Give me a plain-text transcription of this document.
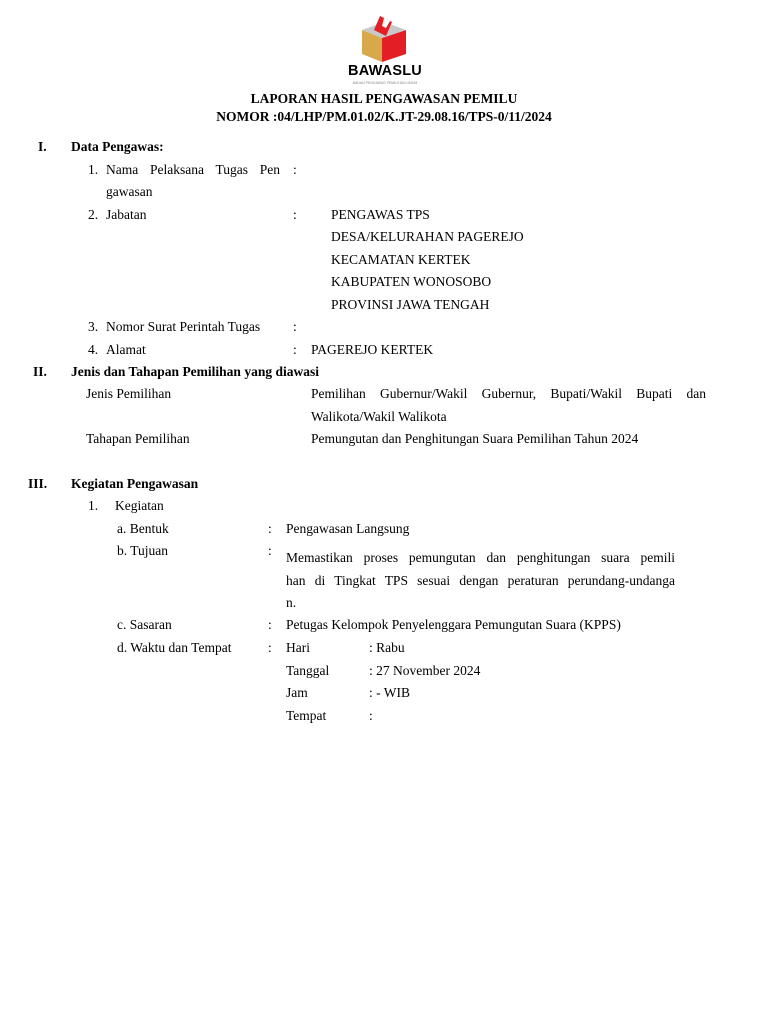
BAWASLU
BADAN PENGAWAS PEMILIHAN UMUM
LAPORAN HASIL PENGAWASAN PEMILU
NOMOR :04/LHP/PM.01.02/K.JT-29.08.16/TPS-0/11/2024
I. Data Pengawas:
1. Nama Pelaksana Tugas Pen
gawasan
:
2. Jabatan	:	PENGAWAS TPS
DESA/KELURAHAN PAGEREJO
KECAMATAN KERTEK
KABUPATEN WONOSOBO
PROVINSI JAWA TENGAH
3. Nomor Surat Perintah Tugas :
4. Alamat	: PAGEREJO KERTEK
II. Jenis dan Tahapan Pemilihan yang diawasi
Jenis Pemilihan	Pemilihan Gubernur/Wakil Gubernur, Bupati/Wakil Bupati dan
Walikota/Wakil Walikota
Tahapan Pemilihan	Pemungutan dan Penghitungan Suara Pemilihan Tahun 2024
III. Kegiatan Pengawasan
1. Kegiatan
a. Bentuk	: Pengawasan Langsung
b. Tujuan	: Memastikan proses pemungutan dan penghitungan suara pemili
han di Tingkat TPS sesuai dengan peraturan perundang-undanga
n.
c. Sasaran	: Petugas Kelompok Penyelenggara Pemungutan Suara (KPPS)
d. Waktu dan Tempat	: Hari	: Rabu
Tanggal	: 27 November 2024
Jam	: - WIB
Tempat	:
